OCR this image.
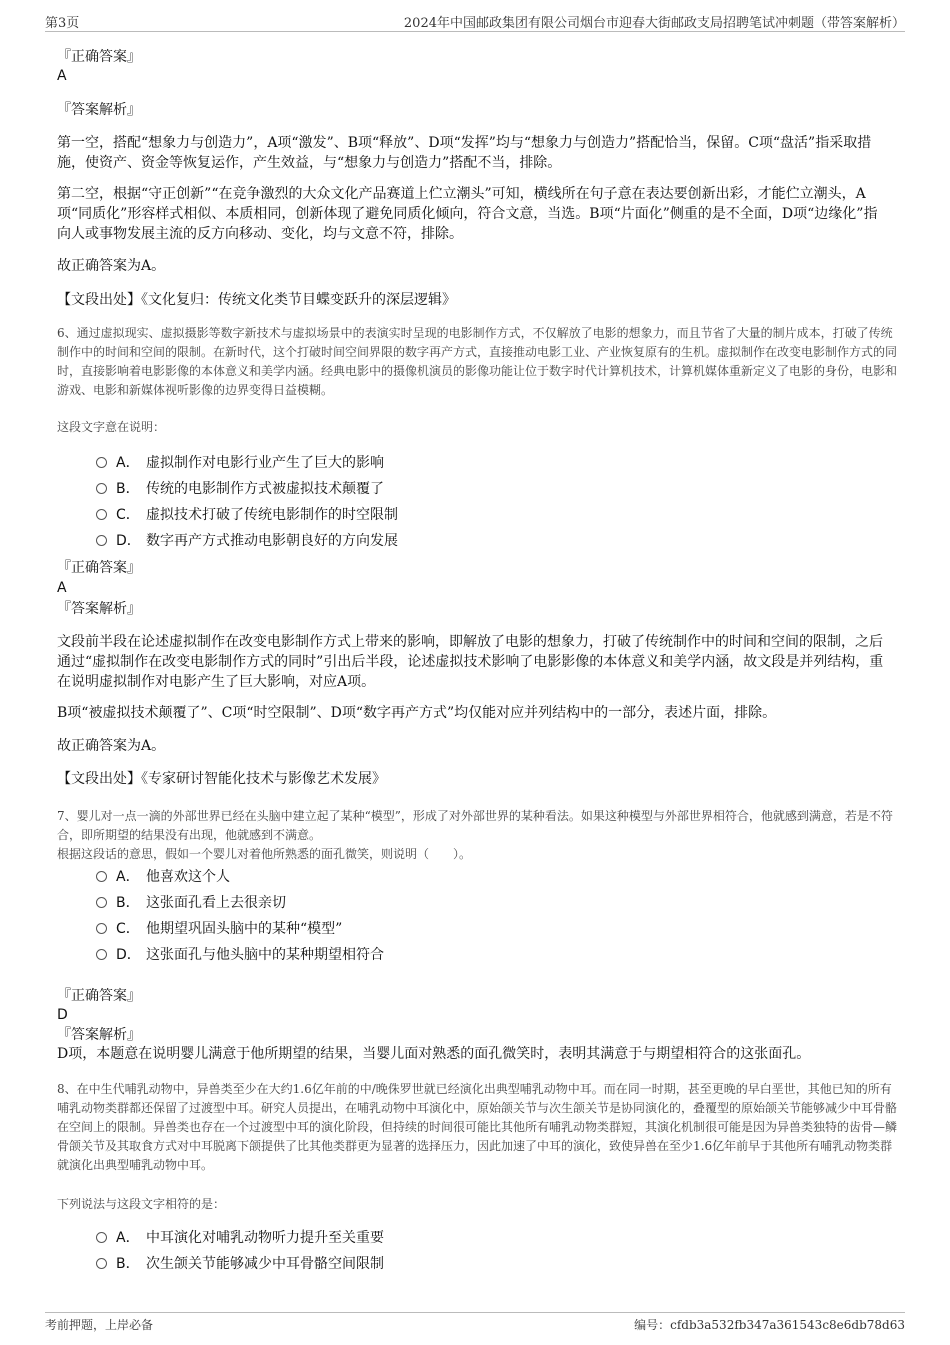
第3页	2024年中国邮政集团有限公司烟台市迎春大街邮政支局招聘笔试冲刺题（带答案解析）
『正确答案』
A
『答案解析』
第一空，搭配“想象力与创造力”，A项“激发”、B项“释放”、D项“发挥”均与“想象力与创造力”搭配恰当，保留。C项“盘活”指采取措施，使资产、资金等恢复运作，产生效益，与“想象力与创造力”搭配不当，排除。
第二空，根据“守正创新”“在竞争激烈的大众文化产品赛道上伫立潮头”可知，横线所在句子意在表达要创新出彩，才能伫立潮头，A项“同质化”形容样式相似、本质相同，创新体现了避免同质化倾向，符合文意，当选。B项“片面化”侧重的是不全面，D项“边缘化”指向人或事物发展主流的反方向移动、变化，均与文意不符，排除。
故正确答案为A。
【文段出处】《文化复归：传统文化类节目蝶变跃升的深层逻辑》
6、通过虚拟现实、虚拟摄影等数字新技术与虚拟场景中的表演实时呈现的电影制作方式，不仅解放了电影的想象力，而且节省了大量的制片成本，打破了传统制作中的时间和空间的限制。在新时代，这个打破时间空间界限的数字再产方式，直接推动电影工业、产业恢复原有的生机。虚拟制作在改变电影制作方式的同时，直接影响着电影影像的本体意义和美学内涵。经典电影中的摄像机演员的影像功能让位于数字时代计算机技术，计算机媒体重新定义了电影的身份，电影和游戏、电影和新媒体视听影像的边界变得日益模糊。
这段文字意在说明：
A． 虚拟制作对电影行业产生了巨大的影响
B． 传统的电影制作方式被虚拟技术颠覆了
C． 虚拟技术打破了传统电影制作的时空限制
D． 数字再产方式推动电影朝良好的方向发展
『正确答案』
A
『答案解析』
文段前半段在论述虚拟制作在改变电影制作方式上带来的影响，即解放了电影的想象力，打破了传统制作中的时间和空间的限制，之后通过“虚拟制作在改变电影制作方式的同时”引出后半段，论述虚拟技术影响了电影影像的本体意义和美学内涵，故文段是并列结构，重在说明虚拟制作对电影产生了巨大影响，对应A项。
B项“被虚拟技术颠覆了”、C项“时空限制”、D项“数字再产方式”均仅能对应并列结构中的一部分，表述片面，排除。
故正确答案为A。
【文段出处】《专家研讨智能化技术与影像艺术发展》
7、婴儿对一点一滴的外部世界已经在头脑中建立起了某种“模型”，形成了对外部世界的某种看法。如果这种模型与外部世界相符合，他就感到满意，若是不符合，即所期望的结果没有出现，他就感到不满意。
根据这段话的意思，假如一个婴儿对着他所熟悉的面孔微笑，则说明（　　）。
A． 他喜欢这个人
B． 这张面孔看上去很亲切
C． 他期望巩固头脑中的某种“模型”
D． 这张面孔与他头脑中的某种期望相符合
『正确答案』
D
『答案解析』
D项，本题意在说明婴儿满意于他所期望的结果，当婴儿面对熟悉的面孔微笑时，表明其满意于与期望相符合的这张面孔。
8、在中生代哺乳动物中，异兽类至少在大约1.6亿年前的中/晚侏罗世就已经演化出典型哺乳动物中耳。而在同一时期，甚至更晚的早白垩世，其他已知的所有哺乳动物类群都还保留了过渡型中耳。研究人员提出，在哺乳动物中耳演化中，原始颌关节与次生颌关节是协同演化的，叠覆型的原始颌关节能够减少中耳骨骼在空间上的限制。异兽类也存在一个过渡型中耳的演化阶段，但持续的时间很可能比其他所有哺乳动物类群短，其演化机制很可能是因为异兽类独特的齿骨—鳞骨颌关节及其取食方式对中耳脱离下颌提供了比其他类群更为显著的选择压力，因此加速了中耳的演化，致使异兽在至少1.6亿年前早于其他所有哺乳动物类群就演化出典型哺乳动物中耳。
下列说法与这段文字相符的是：
A． 中耳演化对哺乳动物听力提升至关重要
B． 次生颌关节能够减少中耳骨骼空间限制
考前押题，上岸必备	编号：cfdb3a532fb347a361543c8e6db78d63
